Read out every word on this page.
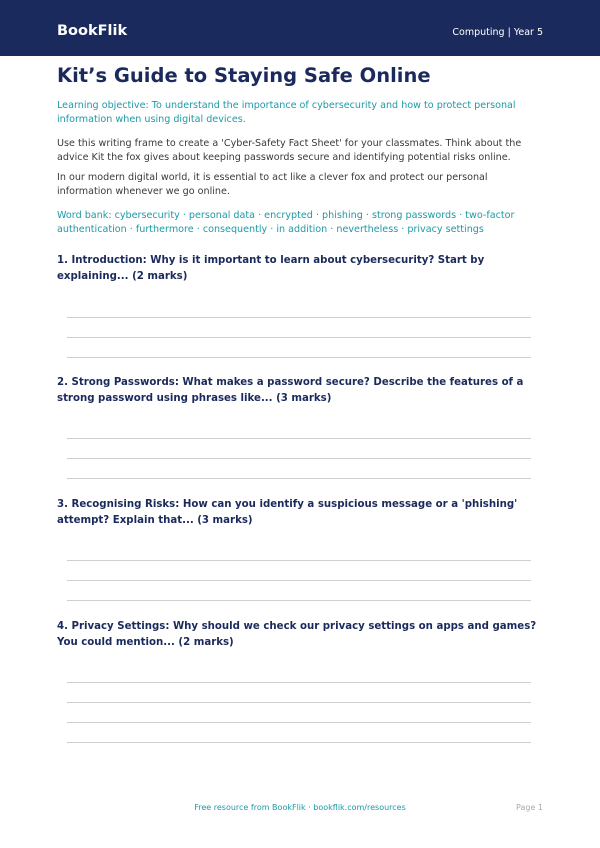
BookFlik	Computing | Year 5
Kit’s Guide to Staying Safe Online

Learning objective: To understand the importance of cybersecurity and how to protect personal information when using digital devices.

Use this writing frame to create a 'Cyber-Safety Fact Sheet' for your classmates. Think about the advice Kit the fox gives about keeping passwords secure and identifying potential risks online.

In our modern digital world, it is essential to act like a clever fox and protect our personal information whenever we go online.

Word bank: cybersecurity · personal data · encrypted · phishing · strong passwords · two-factor authentication · furthermore · consequently · in addition · nevertheless · privacy settings

1. Introduction: Why is it important to learn about cybersecurity? Start by explaining... (2 marks)

2. Strong Passwords: What makes a password secure? Describe the features of a strong password using phrases like... (3 marks)

3. Recognising Risks: How can you identify a suspicious message or a 'phishing' attempt? Explain that... (3 marks)

4. Privacy Settings: Why should we check our privacy settings on apps and games? You could mention... (2 marks)

Free resource from BookFlik · bookflik.com/resources	Page 1
